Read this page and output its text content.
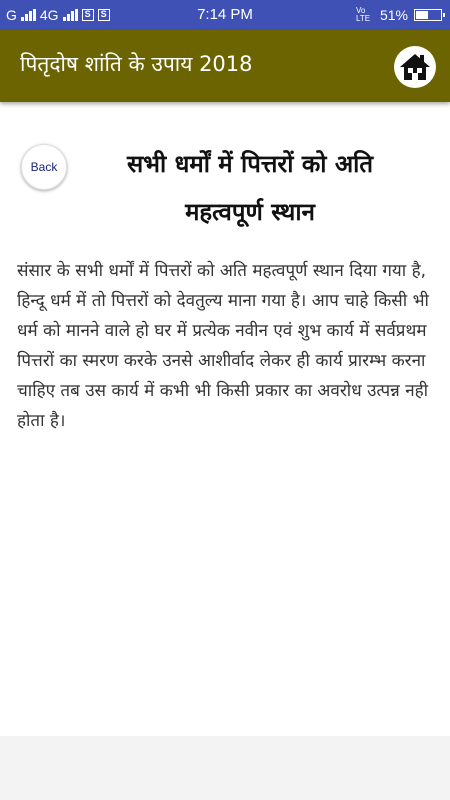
G 4G	S	S	7:14 PM	Vo LTE 51%
पितृदोष शांति के उपाय 2018
Back	सभी धर्मों में पित्तरों को अति महत्वपूर्ण स्थान
संसार के सभी धर्मों में पित्तरों को अति महत्वपूर्ण स्थान दिया गया है, हिन्दू धर्म में तो पित्तरों को देवतुल्य माना गया है। आप चाहे किसी भी धर्म को मानने वाले हो घर में प्रत्येक नवीन एवं शुभ कार्य में सर्वप्रथम पित्तरों का स्मरण करके उनसे आशीर्वाद लेकर ही कार्य प्रारम्भ करना चाहिए तब उस कार्य में कभी भी किसी प्रकार का अवरोध उत्पन्न नही होता है।
